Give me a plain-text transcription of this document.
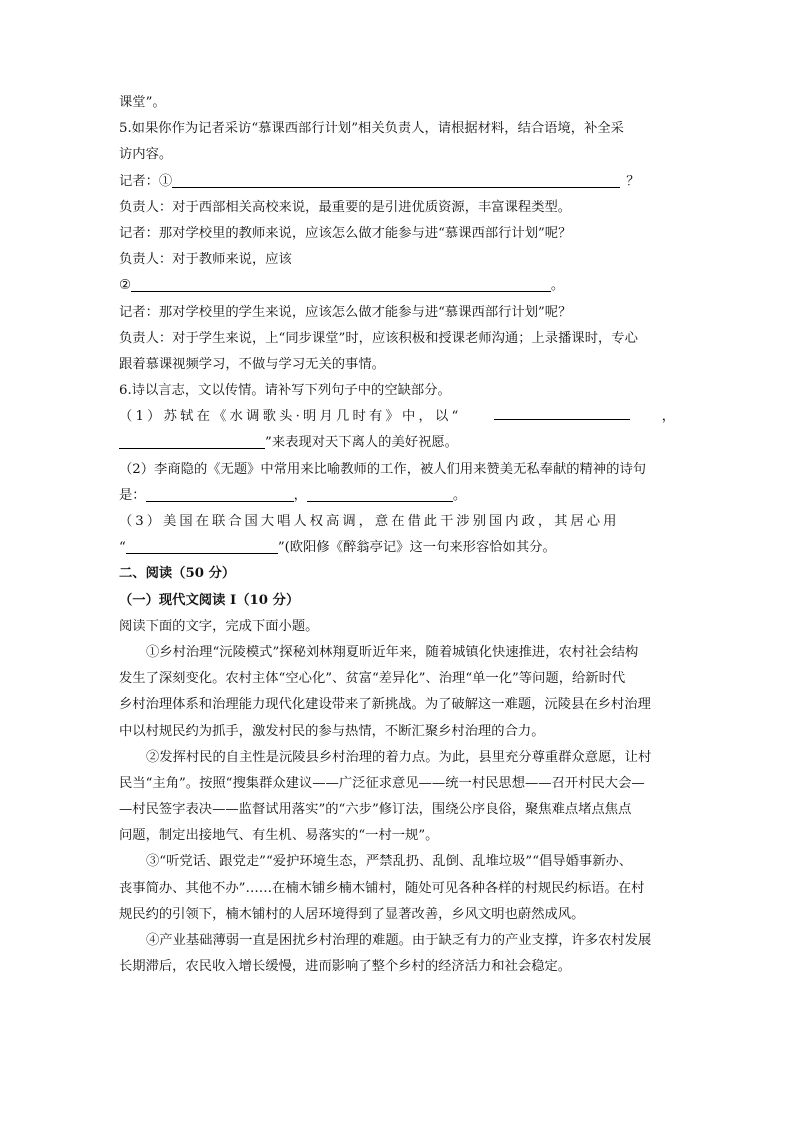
课堂”。
5.如果你作为记者采访“慕课西部行计划”相关负责人，请根据材料，结合语境，补全采
访内容。
记者：①	？
负责人：对于西部相关高校来说，最重要的是引进优质资源，丰富课程类型。
记者：那对学校里的教师来说，应该怎么做才能参与进“慕课西部行计划”呢？
负责人：对于教师来说，应该
②	。
记者：那对学校里的学生来说，应该怎么做才能参与进“慕课西部行计划”呢？
负责人：对于学生来说，上“同步课堂”时，应该积极和授课老师沟通；上录播课时，专心
跟着慕课视频学习，不做与学习无关的事情。
6.诗以言志，文以传情。请补写下列句子中的空缺部分。
（1）苏轼在《水调歌头·明月几时有》中，以“	，
”来表现对天下离人的美好祝愿。
（2）李商隐的《无题》中常用来比喻教师的工作，被人们用来赞美无私奉献的精神的诗句
是：	，	。
（3）美国在联合国大唱人权高调，意在借此干涉别国内政，其居心用
“	”(欧阳修《醉翁亭记》这一句来形容恰如其分。
二、阅读（50 分）
（一）现代文阅读 I（10 分）
阅读下面的文字，完成下面小题。
①乡村治理“沅陵模式”探秘刘林翔夏昕近年来，随着城镇化快速推进，农村社会结构
发生了深刻变化。农村主体“空心化”、贫富“差异化”、治理“单一化”等问题，给新时代
乡村治理体系和治理能力现代化建设带来了新挑战。为了破解这一难题，沅陵县在乡村治理
中以村规民约为抓手，激发村民的参与热情，不断汇聚乡村治理的合力。
②发挥村民的自主性是沅陵县乡村治理的着力点。为此，县里充分尊重群众意愿，让村
民当“主角”。按照“搜集群众建议——广泛征求意见——统一村民思想——召开村民大会—
—村民签字表决——监督试用落实”的“六步”修订法，围绕公序良俗，聚焦难点堵点焦点
问题，制定出接地气、有生机、易落实的“一村一规”。
③“听党话、跟党走”“爱护环境生态，严禁乱扔、乱倒、乱堆垃圾”“倡导婚事新办、
丧事简办、其他不办”……在楠木铺乡楠木铺村，随处可见各种各样的村规民约标语。在村
规民约的引领下，楠木铺村的人居环境得到了显著改善，乡风文明也蔚然成风。
④产业基础薄弱一直是困扰乡村治理的难题。由于缺乏有力的产业支撑，许多农村发展
长期滞后，农民收入增长缓慢，进而影响了整个乡村的经济活力和社会稳定。
